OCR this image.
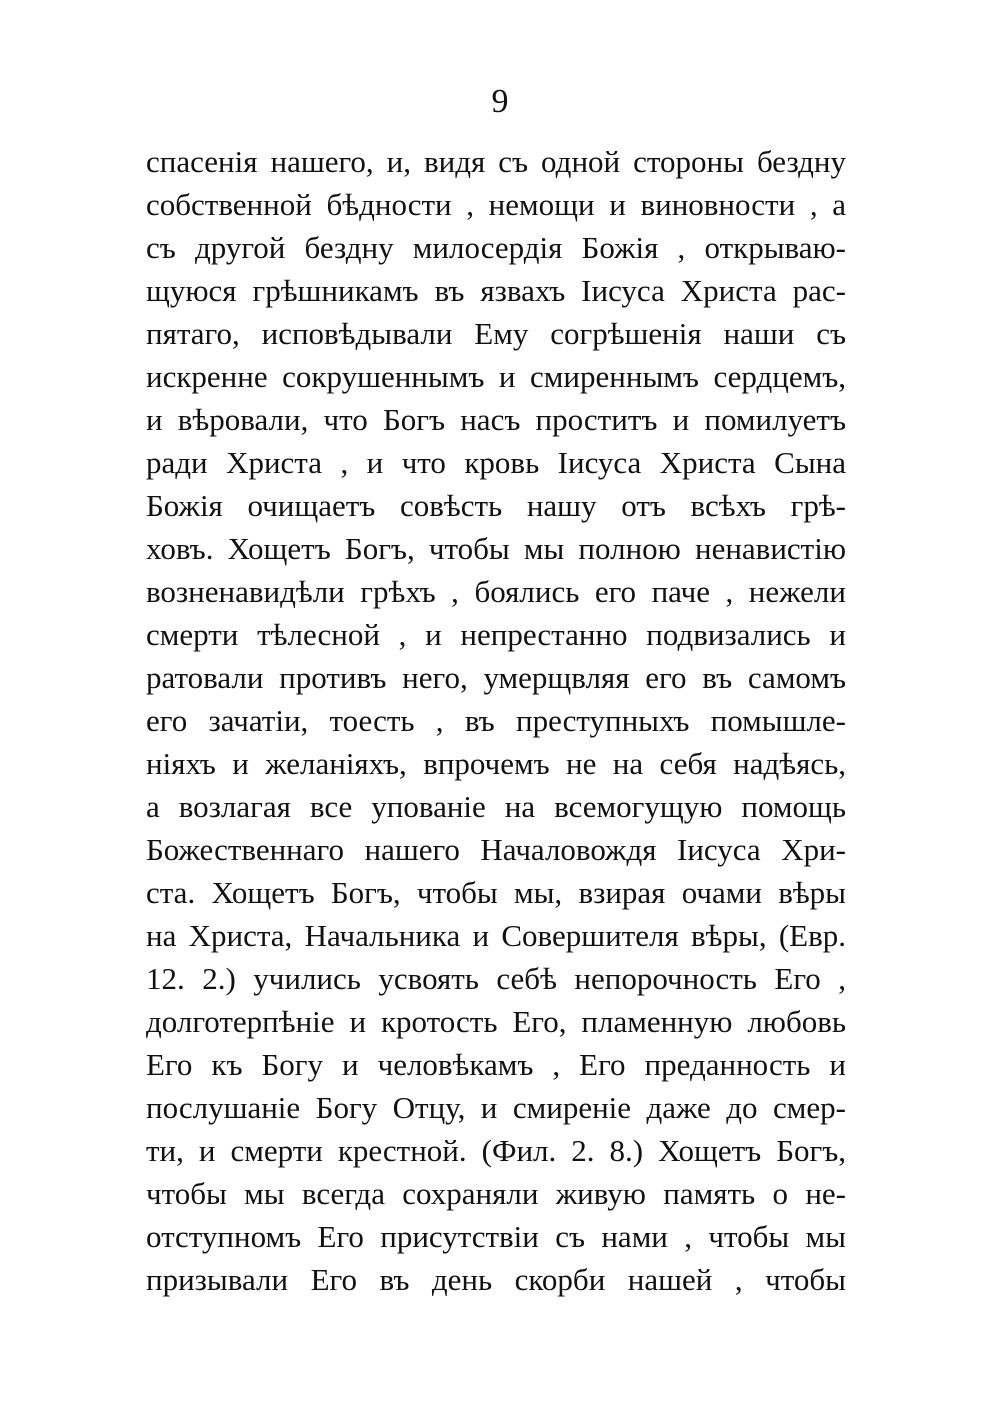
9
спасенія нашего, и, видя съ одной стороны бездну
собственной бѣдности , немощи и виновности , а
съ другой бездну милосердія Божія , открываю-
щуюся грѣшникамъ въ язвахъ Іисуса Христа рас-
пятаго, исповѣдывали Ему согрѣшенія наши съ
искренне сокрушеннымъ и смиреннымъ сердцемъ,
и вѣровали, что Богъ насъ проститъ и помилуетъ
ради Христа , и что кровь Іисуса Христа Сына
Божія очищаетъ совѣсть нашу отъ всѣхъ грѣ-
ховъ. Хощетъ Богъ, чтобы мы полною ненавистію
возненавидѣли грѣхъ , боялись его паче , нежели
смерти тѣлесной , и непрестанно подвизались и
ратовали противъ него, умерщвляя его въ самомъ
его зачатіи, тоесть , въ преступныхъ помышле-
ніяхъ и желаніяхъ, впрочемъ не на себя надѣясь,
а возлагая все упованіе на всемогущую помощь
Божественнаго нашего Началовождя Іисуса Хри-
ста. Хощетъ Богъ, чтобы мы, взирая очами вѣры
на Христа, Начальника и Совершителя вѣры, (Евр.
12. 2.) учились усвоять себѣ непорочность Его ,
долготерпѣніе и кротость Его, пламенную любовь
Его къ Богу и человѣкамъ , Его преданность и
послушаніе Богу Отцу, и смиреніе даже до смер-
ти, и смерти крестной. (Фил. 2. 8.) Хощетъ Богъ,
чтобы мы всегда сохраняли живую память о не-
отступномъ Его присутствіи съ нами , чтобы мы
призывали Его въ день скорби нашей , чтобы
